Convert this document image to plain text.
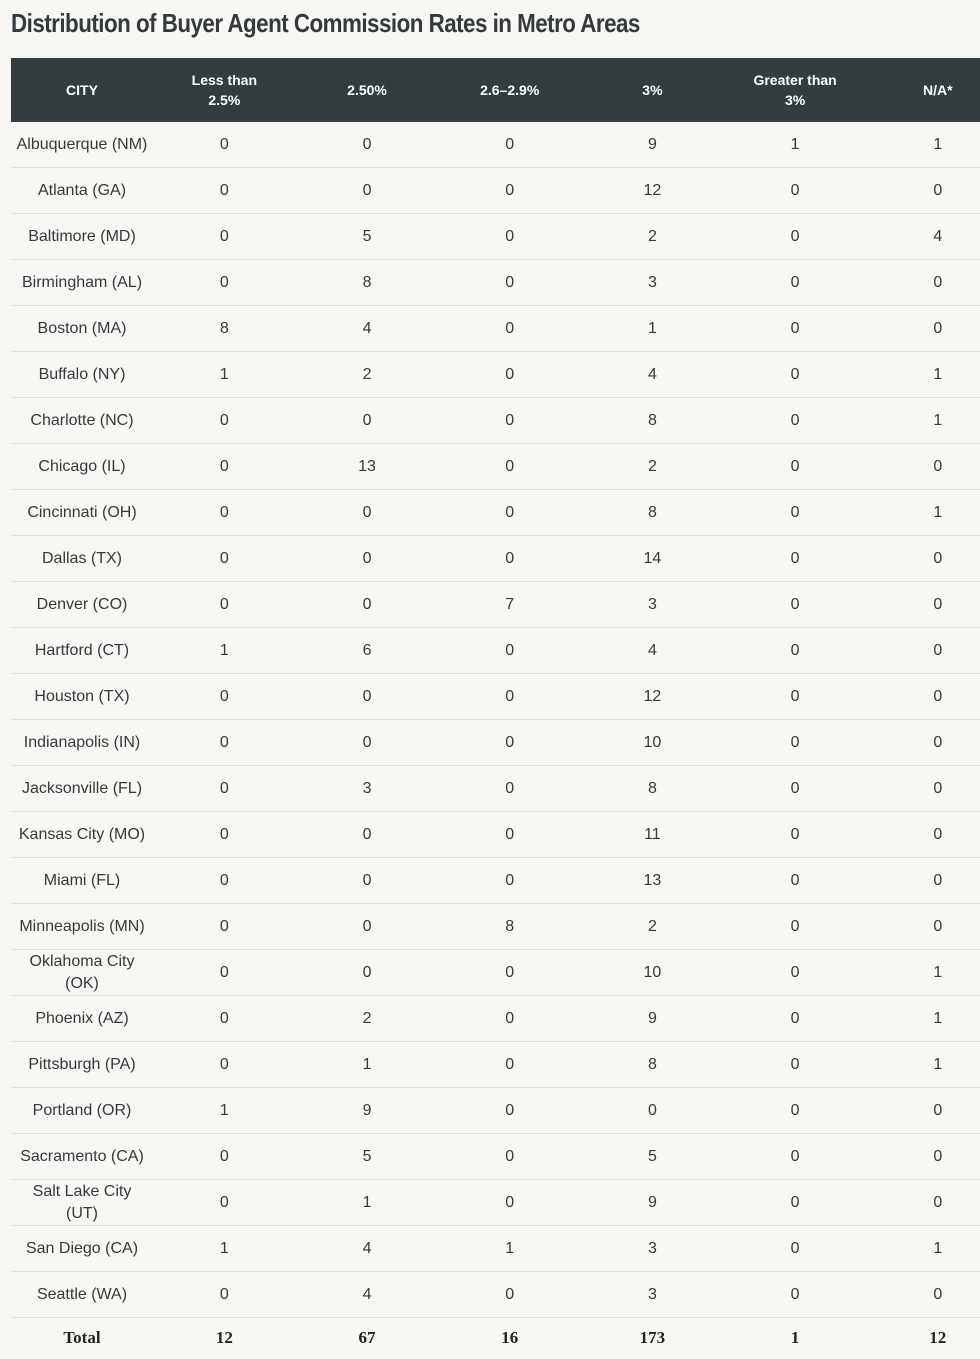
Distribution of Buyer Agent Commission Rates in Metro Areas
CITY	Less than 2.5%	2.50%	2.6–2.9%	3%	Greater than 3%	N/A*
Albuquerque (NM)	0	0	0	9	1	1
Atlanta (GA)	0	0	0	12	0	0
Baltimore (MD)	0	5	0	2	0	4
Birmingham (AL)	0	8	0	3	0	0
Boston (MA)	8	4	0	1	0	0
Buffalo (NY)	1	2	0	4	0	1
Charlotte (NC)	0	0	0	8	0	1
Chicago (IL)	0	13	0	2	0	0
Cincinnati (OH)	0	0	0	8	0	1
Dallas (TX)	0	0	0	14	0	0
Denver (CO)	0	0	7	3	0	0
Hartford (CT)	1	6	0	4	0	0
Houston (TX)	0	0	0	12	0	0
Indianapolis (IN)	0	0	0	10	0	0
Jacksonville (FL)	0	3	0	8	0	0
Kansas City (MO)	0	0	0	11	0	0
Miami (FL)	0	0	0	13	0	0
Minneapolis (MN)	0	0	8	2	0	0
Oklahoma City (OK)	0	0	0	10	0	1
Phoenix (AZ)	0	2	0	9	0	1
Pittsburgh (PA)	0	1	0	8	0	1
Portland (OR)	1	9	0	0	0	0
Sacramento (CA)	0	5	0	5	0	0
Salt Lake City (UT)	0	1	0	9	0	0
San Diego (CA)	1	4	1	3	0	1
Seattle (WA)	0	4	0	3	0	0
Total	12	67	16	173	1	12
